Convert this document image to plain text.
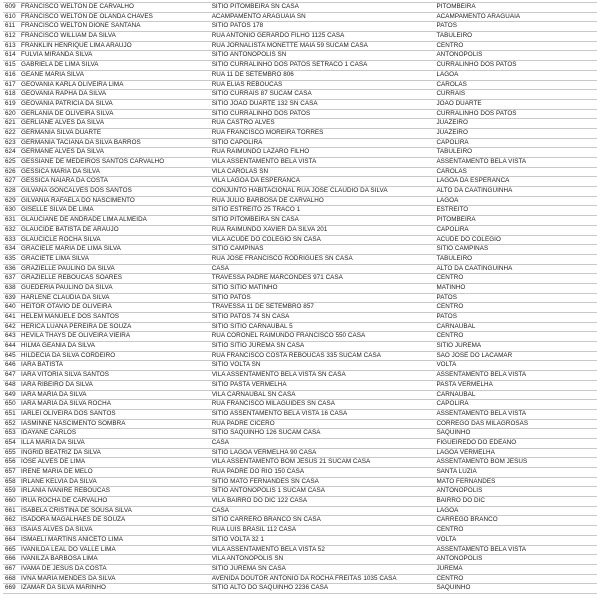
609	FRANCISCO WELTON DE CARVALHO	SITIO PITOMBEIRA SN CASA	PITOMBEIRA
610	FRANCISCO WELTON DE OLANDA CHAVES	ACAMPAMENTO ARAGUAIA SN	ACAMPAMENTO ARAGUAIA
611	FRANCISCO WELTON DIONE SANTANA	SITIO PATOS 178	PATOS
612	FRANCISCO WILLIAM DA SILVA	RUA ANTONIO GERARDO FILHO 1125 CASA	TABULEIRO
613	FRANKLIN HENRIQUE LIMA ARAUJO	RUA JORNALISTA MONETTE MAIA 59 SUCAM CASA	CENTRO
614	FULVIA MIRANDA SILVA	SITIO ANTONOPOLIS SN	ANTONOPOLIS
615	GABRIELA DE LIMA SILVA	SITIO CURRALINHO DOS PATOS SETRACO 1 CASA	CURRALINHO DOS PATOS
616	GEANE MARIA SILVA	RUA 11 DE SETEMBRO 806	LAGOA
617	GEOVANIA KARLA OLIVEIRA LIMA	RUA ELIAS REBOUCAS	CAROLAS
618	GEOVANIA RAPHA DA SILVA	SITIO CURRAIS 87 SUCAM CASA	CURRAIS
619	GEOVANIA PATRICIA DA SILVA	SITIO JOAO DUARTE 132 SN CASA	JOAO DUARTE
620	GERLANIA DE OLIVEIRA SILVA	SITIO CURRALINHO DOS PATOS	CURRALINHO DOS PATOS
621	GERLIANE ALVES DA SILVA	RUA CASTRO ALVES	JUAZEIRO
622	GERMANIA SILVA DUARTE	RUA FRANCISCO MOREIRA TORRES	JUAZEIRO
623	GERMANIA TACIANA DA SILVA BARROS	SITIO CAPOLIRA	CAPOLIRA
624	GERMANE ALVES DA SILVA	RUA RAIMUNDO LAZARO FILHO	TABULEIRO
625	GESSIANE DE MEDEIROS SANTOS CARVALHO	VILA ASSENTAMENTO BELA VISTA	ASSENTAMENTO BELA VISTA
626	GESSICA MARIA DA SILVA	VILA CAROLAS SN	CAROLAS
627	GESSICA NAIARA DA COSTA	VILA LAGOA DA ESPERANCA	LAGOA DA ESPERANCA
628	GILVANA GONCALVES DOS SANTOS	CONJUNTO HABITACIONAL RUA JOSE CLAUDIO DA SILVA	ALTO DA CAATINGUINHA
629	GILVANIA RAFAELA DO NASCIMENTO	RUA JULIO BARBOSA DE CARVALHO	LAGOA
630	GISELLE SILVA DE LIMA	SITIO ESTREITO 25 TRACO 1	ESTREITO
631	GLAUCIANE DE ANDRADE LIMA ALMEIDA	SITIO PITOMBEIRA SN CASA	PITOMBEIRA
632	GLAUCIDE BATISTA DE ARAUJO	RUA RAIMUNDO XAVIER DA SILVA 201	CAPOLIRA
633	GLAUCICLE ROCHA SILVA	VILA ACUDE DO COLEGIO SN CASA	ACUDE DO COLEGIO
634	GRACIELE MARIA DE LIMA SILVA	SITIO CAMPINAS	SITIO CAMPINAS
635	GRACIETE LIMA SILVA	RUA JOSE FRANCISCO RODRIGUES SN CASA	TABULEIRO
636	GRAZIELLE PAULINO DA SILVA	CASA	ALTO DA CAATINGUINHA
637	GRAZIELLE REBOUCAS SOARES	TRAVESSA PADRE MARCONDES 971 CASA	CENTRO
638	GUEDERIA PAULINO DA SILVA	SITIO SITIO MATINHO	MATINHO
639	HARLENE CLAUDIA DA SILVA	SITIO PATOS	PATOS
640	HEITOR OTAVIO DE OLIVEIRA	TRAVESSA 11 DE SETEMBRO 857	CENTRO
641	HELEM MANUELE DOS SANTOS	SITIO PATOS 74 SN CASA	PATOS
642	HERICA LUANA PEREIRA DE SOUZA	SITIO SITIO CARNAUBAL 5	CARNAUBAL
643	HEVILA THAYS DE OLIVEIRA VIEIRA	RUA CORONEL RAIMUNDO FRANCISCO 550 CASA	CENTRO
644	HILMA GEANIA DA SILVA	SITIO SITIO JUREMA SN CASA	SITIO JUREMA
645	HILDECIA DA SILVA CORDEIRO	RUA FRANCISCO COSTA REBOUCAS 335 SUCAM CASA	SAO JOSE DO LACAMAR
646	IARA BATISTA	SITIO VOLTA SN	VOLTA
647	IARA VITORIA SILVA SANTOS	VILA ASSENTAMENTO BELA VISTA SN CASA	ASSENTAMENTO BELA VISTA
648	IARA RIBEIRO DA SILVA	SITIO PASTA VERMELHA	PASTA VERMELHA
649	IARA MARIA DA SILVA	VILA CARNAUBAL SN CASA	CARNAUBAL
650	IARA MARIA DA SILVA ROCHA	RUA FRANCISCO MILAGUIDES SN CASA	CAPOLIRA
651	IARLEI OLIVEIRA DOS SANTOS	SITIO ASSENTAMENTO BELA VISTA 16 CASA	ASSENTAMENTO BELA VISTA
652	IASMINNE NASCIMENTO SOMBRA	RUA PADRE CICERO	CORREGO DAS MILAGROSAS
653	IDAYANE CARLOS	SITIO SAQUINHO 126 SUCAM CASA	SAQUINHO
654	ILLA MARIA DA SILVA	CASA	FIGUEIREDO DO EDEANO
655	INGRID BEATRIZ DA SILVA	SITIO LAGOA VERMELHA 90 CASA	LAGOA VERMELHA
656	IOSE ALVES DE LIMA	VILA ASSENTAMENTO BOM JESUS 21 SUCAM CASA	ASSENTAMENTO BOM JESUS
657	IRENE MARIA DE MELO	RUA PADRE DO RIO 150 CASA	SANTA LUZIA
658	IRLANE KELVIA DA SILVA	SITIO MATO FERNANDES SN CASA	MATO FERNANDES
659	IRLANIA IVANIRE REBOUCAS	SITIO ANTONOPOLIS 1 SUCAM CASA	ANTONOPOLIS
660	IRUA ROCHA DE CARVALHO	VILA BAIRRO DO DIC 122 CASA	BAIRRO DO DIC
661	ISABELA CRISTINA DE SOUSA SILVA	CASA	LAGOA
662	ISADORA MAGALHAES DE SOUZA	SITIO CARRERO BRANCO SN CASA	CARREGO BRANCO
663	ISAIAS ALVES DA SILVA	RUA LUIS BRASIL 112 CASA	CENTRO
664	ISMAELI MARTINS ANICETO LIMA	SITIO VOLTA 32 1	VOLTA
665	IVANILDA LEAL DO VALLE LIMA	VILA ASSENTAMENTO BELA VISTA 52	ASSENTAMENTO BELA VISTA
666	IVANILZA BARBOSA LIMA	VILA ANTONOPOLIS SN	ANTONOPOLIS
667	IVAMA DE JESUS DA COSTA	SITIO JUREMA SN CASA	JUREMA
668	IVNA MARIA MENDES DA SILVA	AVENIDA DOUTOR ANTONIO DA ROCHA FREITAS 1035 CASA	CENTRO
669	IZAMAR DA SILVA MARINHO	SITIO ALTO DO SAQUINHO 2236 CASA	SAQUINHO
